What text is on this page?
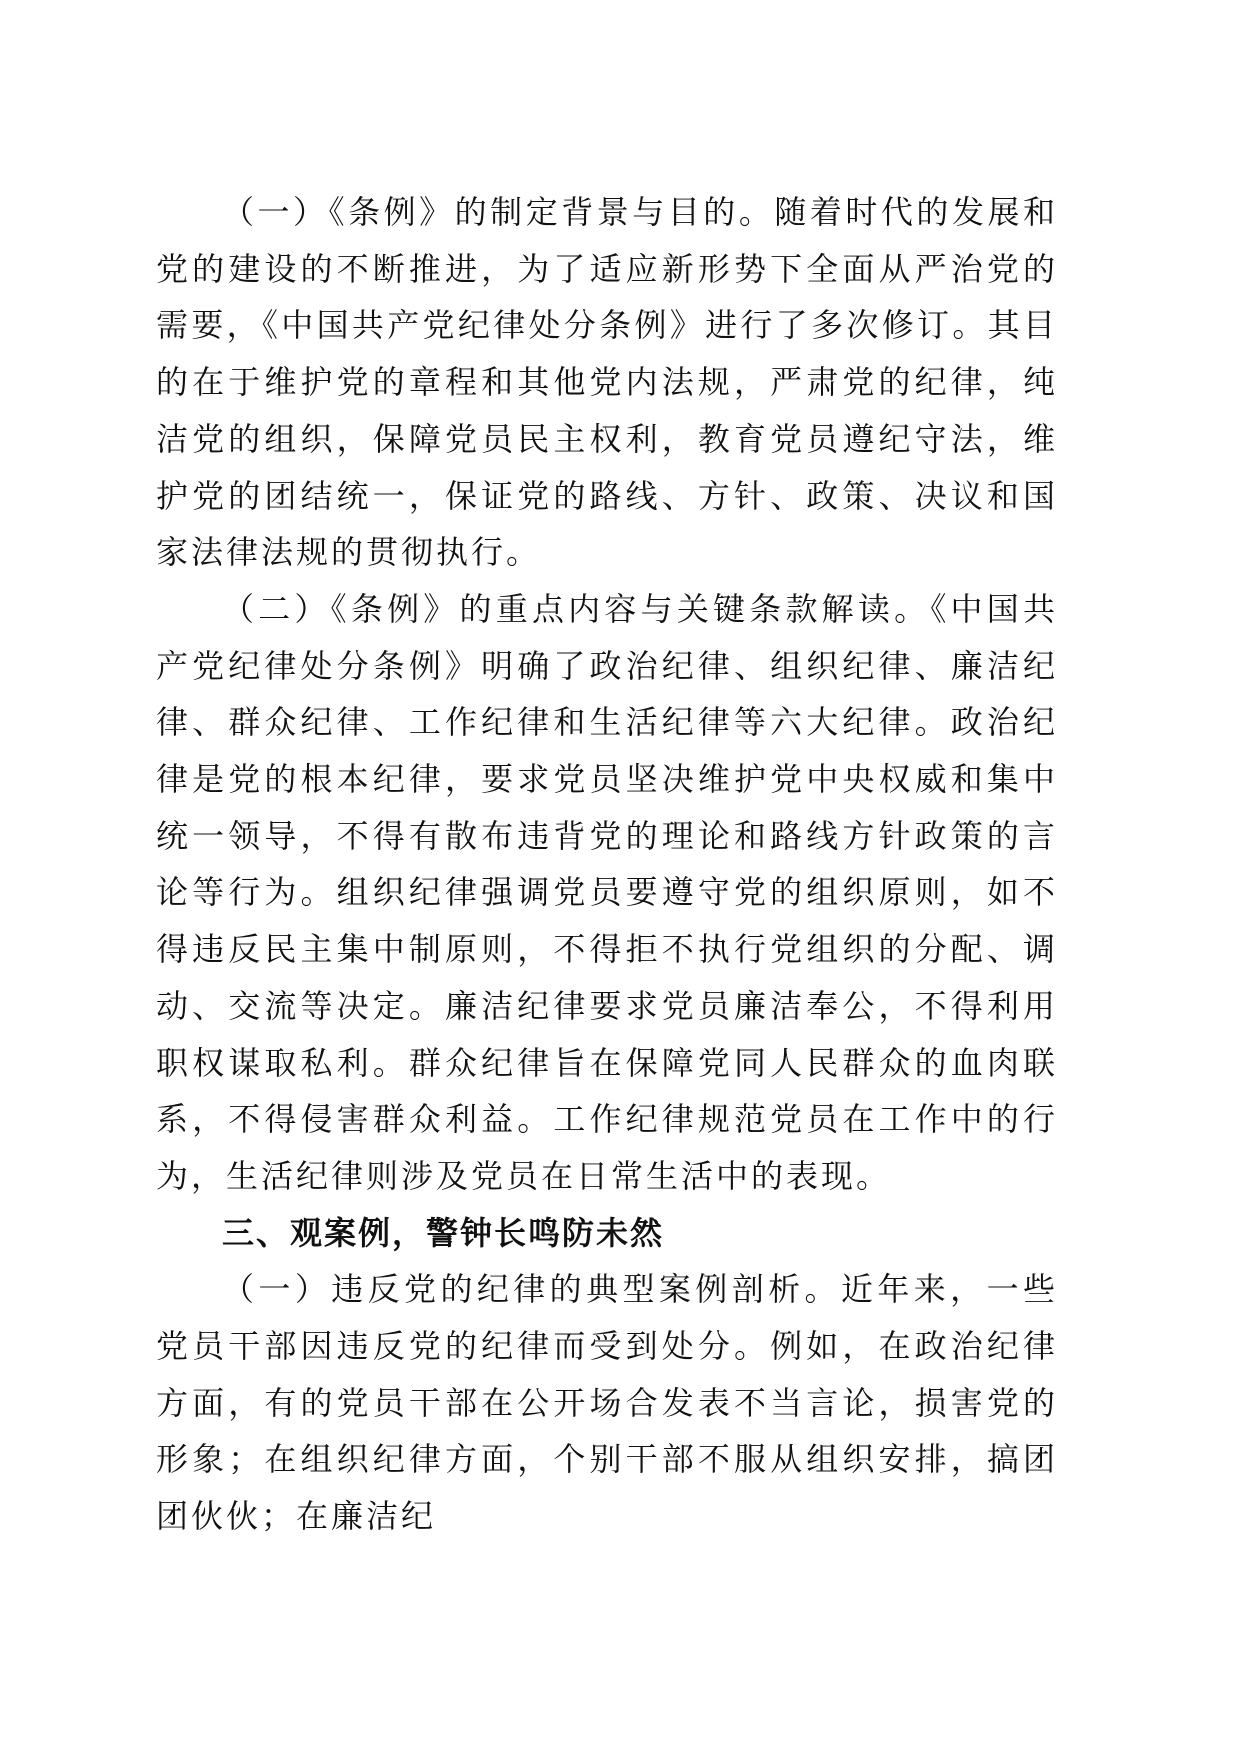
（一）《条例》的制定背景与目的。随着时代的发展和党的建设的不断推进，为了适应新形势下全面从严治党的需要，《中国共产党纪律处分条例》进行了多次修订。其目的在于维护党的章程和其他党内法规，严肃党的纪律，纯洁党的组织，保障党员民主权利，教育党员遵纪守法，维护党的团结统一，保证党的路线、方针、政策、决议和国家法律法规的贯彻执行。

（二）《条例》的重点内容与关键条款解读。《中国共产党纪律处分条例》明确了政治纪律、组织纪律、廉洁纪律、群众纪律、工作纪律和生活纪律等六大纪律。政治纪律是党的根本纪律，要求党员坚决维护党中央权威和集中统一领导，不得有散布违背党的理论和路线方针政策的言论等行为。组织纪律强调党员要遵守党的组织原则，如不得违反民主集中制原则，不得拒不执行党组织的分配、调动、交流等决定。廉洁纪律要求党员廉洁奉公，不得利用职权谋取私利。群众纪律旨在保障党同人民群众的血肉联系，不得侵害群众利益。工作纪律规范党员在工作中的行为，生活纪律则涉及党员在日常生活中的表现。

三、观案例，警钟长鸣防未然

（一）违反党的纪律的典型案例剖析。近年来，一些党员干部因违反党的纪律而受到处分。例如，在政治纪律方面，有的党员干部在公开场合发表不当言论，损害党的形象；在组织纪律方面，个别干部不服从组织安排，搞团团伙伙；在廉洁纪
